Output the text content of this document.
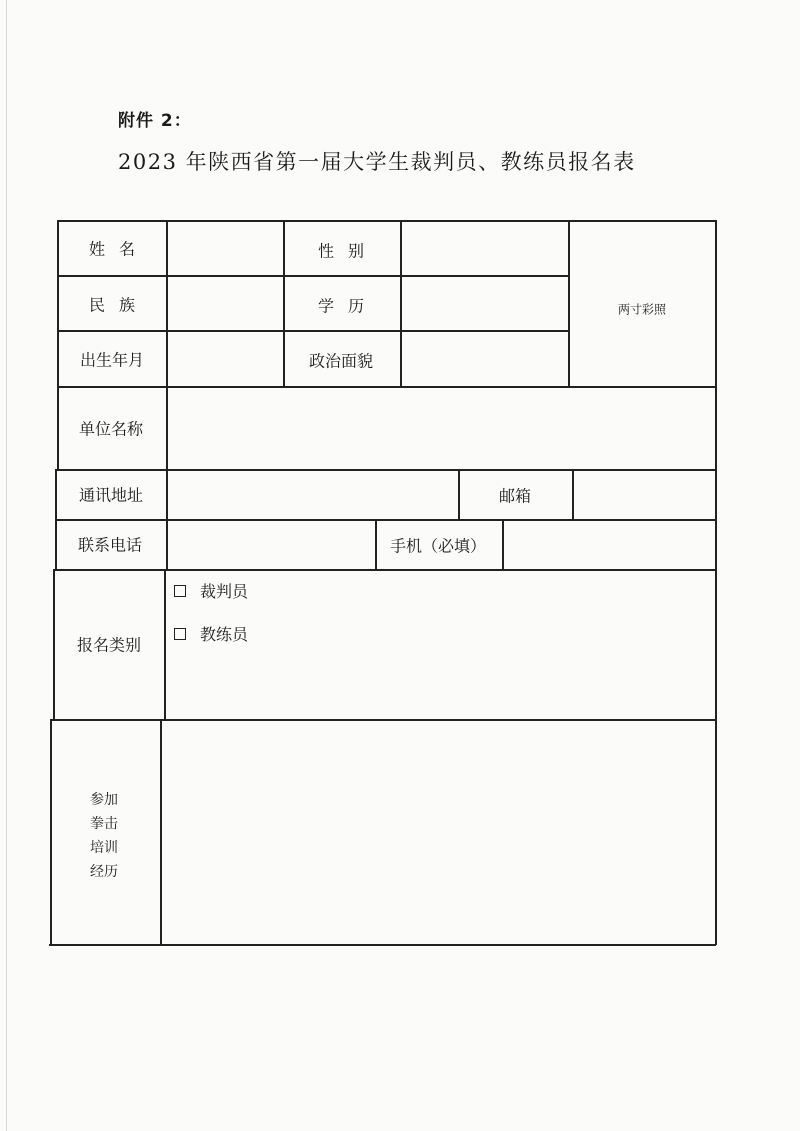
附件 2：
2023 年陕西省第一届大学生裁判员、教练员报名表
姓名	性别
民族	学历
出生年月	政治面貌
两寸彩照
单位名称
通讯地址	邮箱
联系电话	手机（必填）
报名类别
裁判员
教练员
参加
拳击
培训
经历
